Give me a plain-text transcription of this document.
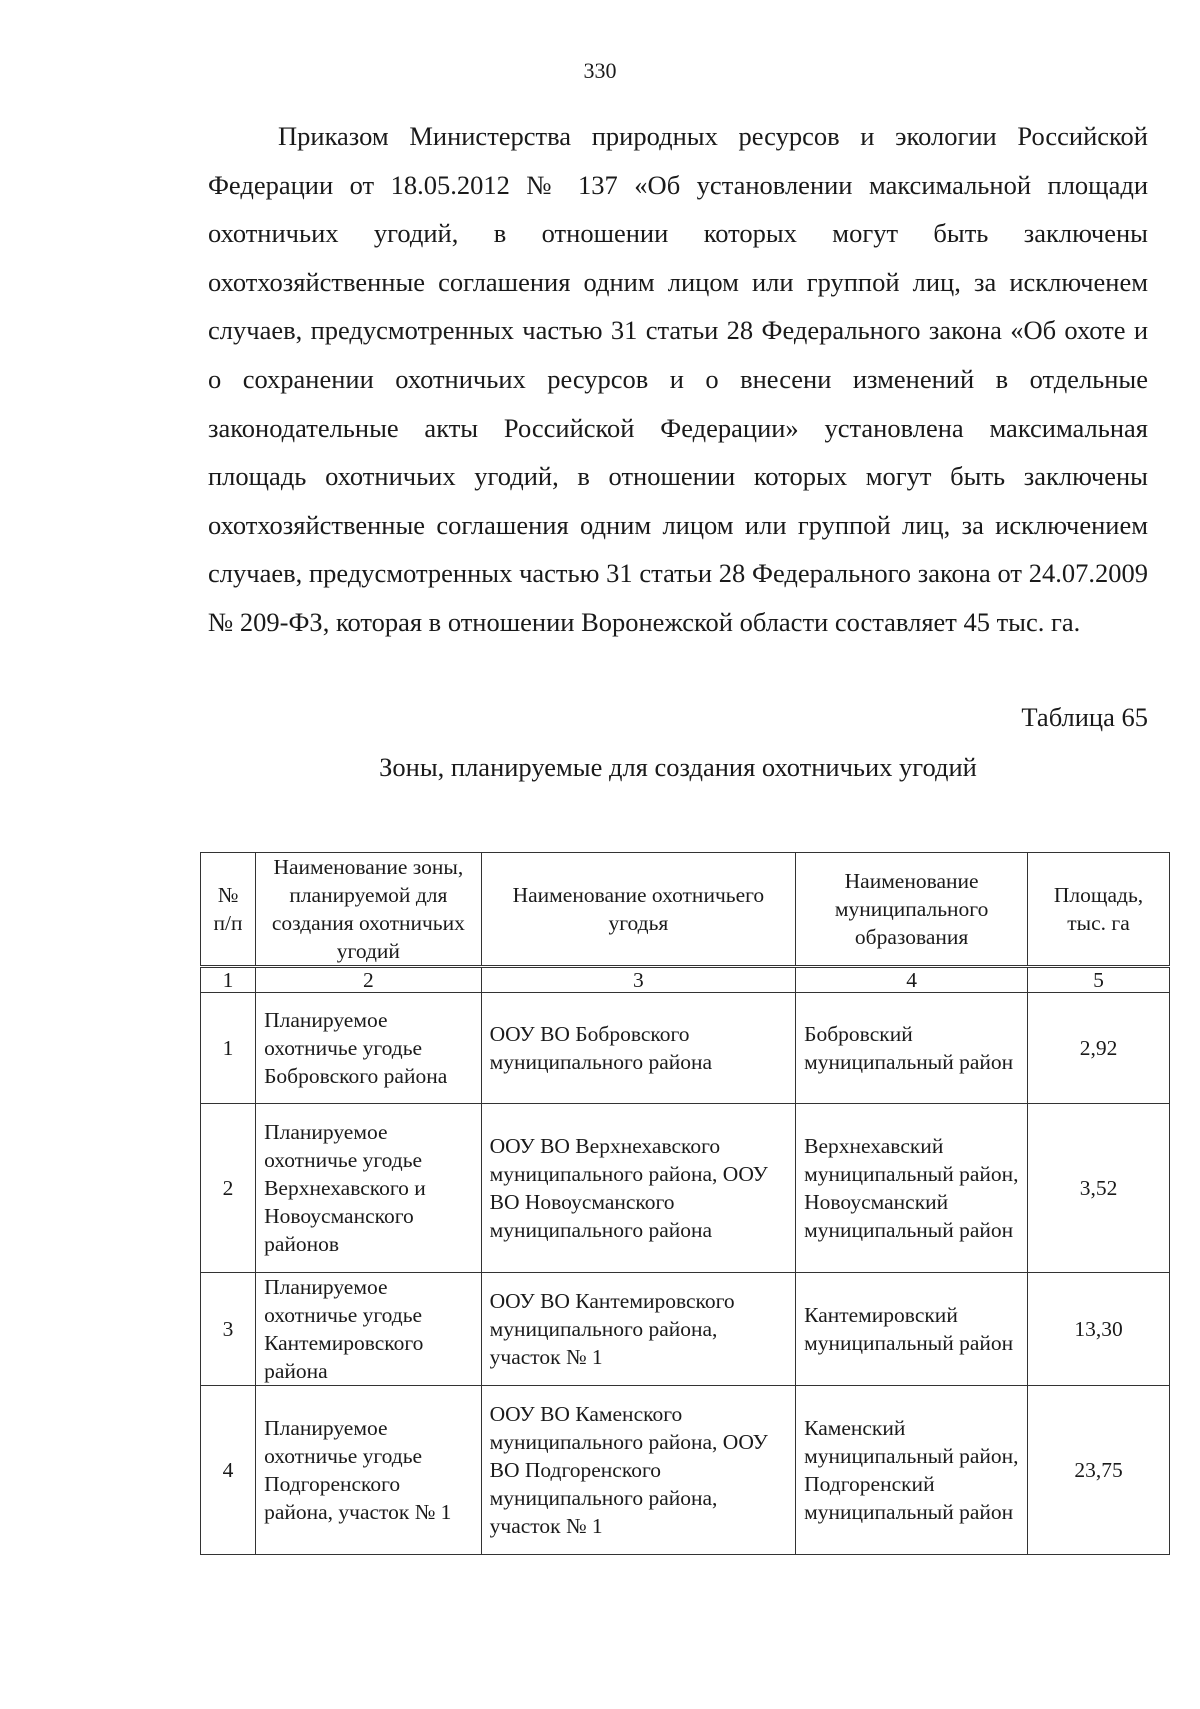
330

Приказом Министерства природных ресурсов и экологии Российской Федерации от 18.05.2012 № 137 «Об установлении максимальной площади охотничьих угодий, в отношении которых могут быть заключены охотхозяйственные соглашения одним лицом или группой лиц, за исключенем случаев, предусмотренных частью 31 статьи 28 Федерального закона «Об охоте и о сохранении охотничьих ресурсов и о внесени изменений в отдельные законодательные акты Российской Федерации» установлена максимальная площадь охотничьих угодий, в отношении которых могут быть заключены охотхозяйственные соглашения одним лицом или группой лиц, за исключением случаев, предусмотренных частью 31 статьи 28 Федерального закона от 24.07.2009 № 209-ФЗ, которая в отношении Воронежской области составляет 45 тыс. га.

Таблица 65
Зоны, планируемые для создания охотничьих угодий
№ п/п	Наименование зоны, планируемой для создания охотничьих угодий	Наименование охотничьего угодья	Наименование муниципального образования	Площадь, тыс. га
1	2	3	4	5
1	Планируемое охотничье угодье Бобровского района	ООУ ВО Бобровского муниципального района	Бобровский муниципальный район	2,92
2	Планируемое охотничье угодье Верхнехавского и Новоусманского районов	ООУ ВО Верхнехавского муниципального района, ООУ ВО Новоусманского муниципального района	Верхнехавский муниципальный район, Новоусманский муниципальный район	3,52
3	Планируемое охотничье угодье Кантемировского района	ООУ ВО Кантемировского муниципального района, участок № 1	Кантемировский муниципальный район	13,30
4	Планируемое охотничье угодье Подгоренского района, участок № 1	ООУ ВО Каменского муниципального района, ООУ ВО Подгоренского муниципального района, участок № 1	Каменский муниципальный район, Подгоренский муниципальный район	23,75
